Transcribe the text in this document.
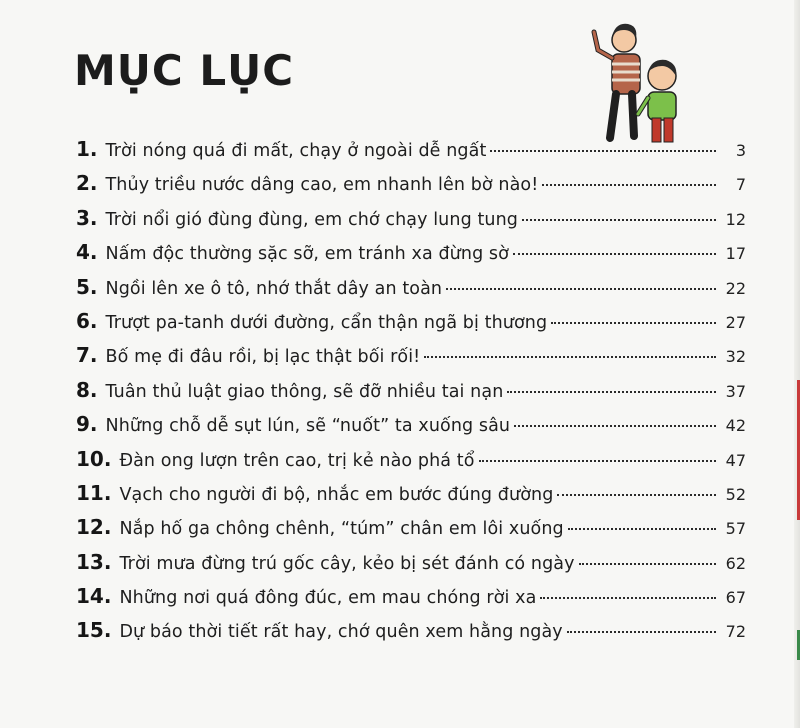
MỤC LỤC
1. Trời nóng quá đi mất, chạy ở ngoài dễ ngất	3
2. Thủy triều nước dâng cao, em nhanh lên bờ nào!	7
3. Trời nổi gió đùng đùng, em chớ chạy lung tung	12
4. Nấm độc thường sặc sỡ, em tránh xa đừng sờ	17
5. Ngồi lên xe ô tô, nhớ thắt dây an toàn	22
6. Trượt pa-tanh dưới đường, cẩn thận ngã bị thương	27
7. Bố mẹ đi đâu rồi, bị lạc thật bối rối!	32
8. Tuân thủ luật giao thông, sẽ đỡ nhiều tai nạn	37
9. Những chỗ dễ sụt lún, sẽ “nuốt” ta xuống sâu	42
10. Đàn ong lượn trên cao, trị kẻ nào phá tổ	47
11. Vạch cho người đi bộ, nhắc em bước đúng đường	52
12. Nắp hố ga chông chênh, “túm” chân em lôi xuống	57
13. Trời mưa đừng trú gốc cây, kẻo bị sét đánh có ngày	62
14. Những nơi quá đông đúc, em mau chóng rời xa	67
15. Dự báo thời tiết rất hay, chớ quên xem hằng ngày	72
